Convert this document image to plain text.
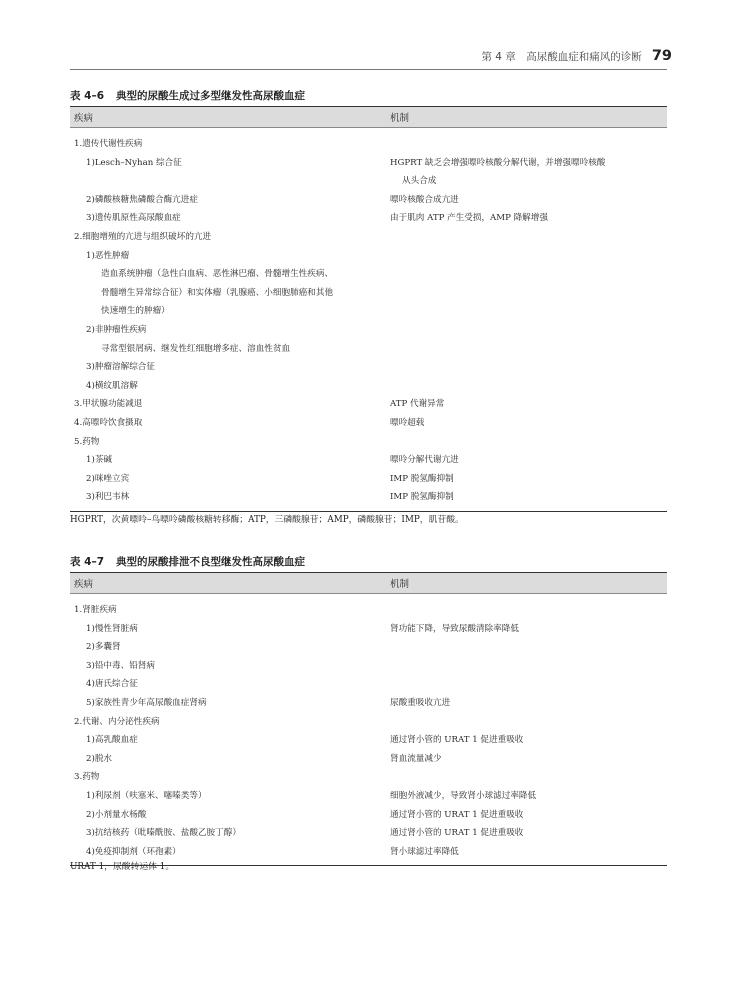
第 4 章　高尿酸血症和痛风的诊断 79
表 4–6 典型的尿酸生成过多型继发性高尿酸血症
疾病	机制
1.遗传代谢性疾病
1)Lesch–Nyhan 综合征	HGPRT 缺乏会增强嘌呤核酸分解代谢，并增强嘌呤核酸
从头合成
2)磷酸核糖焦磷酸合酶亢进症	嘌呤核酸合成亢进
3)遗传肌原性高尿酸血症	由于肌肉 ATP 产生受损，AMP 降解增强
2.细胞增殖的亢进与组织破坏的亢进
1)恶性肿瘤
造血系统肿瘤（急性白血病、恶性淋巴瘤、骨髓增生性疾病、
骨髓增生异常综合征）和实体瘤（乳腺癌、小细胞肺癌和其他
快速增生的肿瘤）
2)非肿瘤性疾病
寻常型银屑病、继发性红细胞增多症、溶血性贫血
3)肿瘤溶解综合征
4)横纹肌溶解
3.甲状腺功能减退	ATP 代谢异常
4.高嘌呤饮食摄取	嘌呤超载
5.药物
1)茶碱	嘌呤分解代谢亢进
2)咪唑立宾	IMP 脱氢酶抑制
3)利巴韦林	IMP 脱氢酶抑制
HGPRT，次黄嘌呤–鸟嘌呤磷酸核糖转移酶；ATP，三磷酸腺苷；AMP，磷酸腺苷；IMP，肌苷酸。
表 4–7 典型的尿酸排泄不良型继发性高尿酸血症
疾病	机制
1.肾脏疾病
1)慢性肾脏病	肾功能下降，导致尿酸清除率降低
2)多囊肾
3)铅中毒、铅肾病
4)唐氏综合征
5)家族性青少年高尿酸血症肾病	尿酸重吸收亢进
2.代谢、内分泌性疾病
1)高乳酸血症	通过肾小管的 URAT 1 促进重吸收
2)脱水	肾血流量减少
3.药物
1)利尿剂（呋塞米、噻嗪类等）	细胞外液减少，导致肾小球滤过率降低
2)小剂量水杨酸	通过肾小管的 URAT 1 促进重吸收
3)抗结核药（吡嗪酰胺、盐酸乙胺丁醇）	通过肾小管的 URAT 1 促进重吸收
4)免疫抑制剂（环孢素）	肾小球滤过率降低
URAT 1，尿酸转运体 1。
